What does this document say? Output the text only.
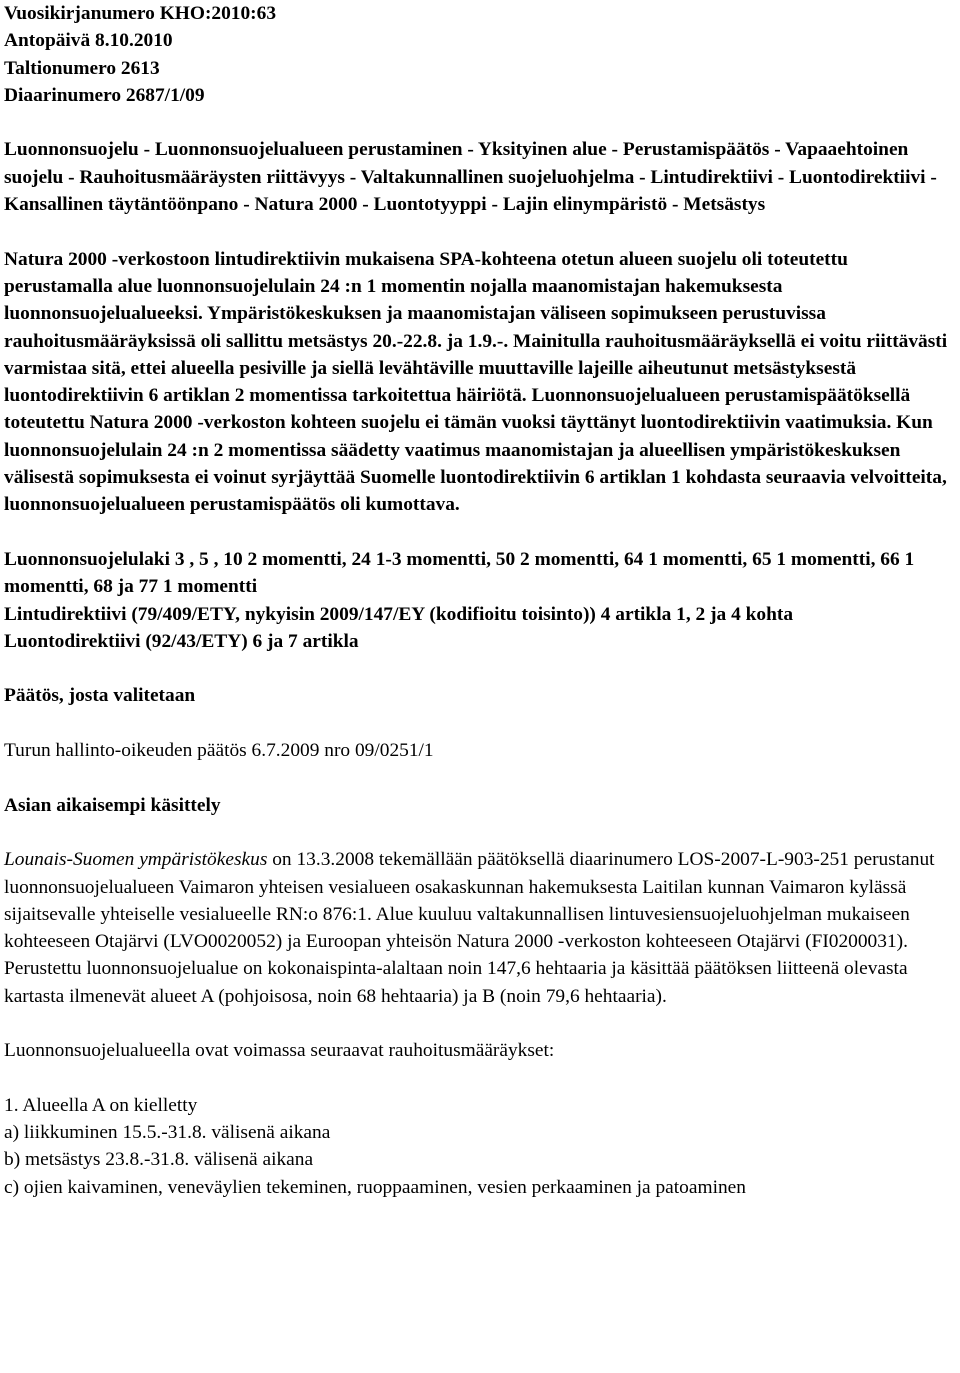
Vuosikirjanumero KHO:2010:63
Antopäivä 8.10.2010
Taltionumero 2613
Diaarinumero 2687/1/09

Luonnonsuojelu - Luonnonsuojelualueen perustaminen - Yksityinen alue - Perustamispäätös - Vapaaehtoinen suojelu - Rauhoitusmääräysten riittävyys - Valtakunnallinen suojeluohjelma - Lintudirektiivi - Luontodirektiivi - Kansallinen täytäntöönpano - Natura 2000 - Luontotyyppi - Lajin elinympäristö - Metsästys

Natura 2000 -verkostoon lintudirektiivin mukaisena SPA-kohteena otetun alueen suojelu oli toteutettu perustamalla alue luonnonsuojelulain 24 :n 1 momentin nojalla maanomistajan hakemuksesta luonnonsuojelualueeksi. Ympäristökeskuksen ja maanomistajan väliseen sopimukseen perustuvissa rauhoitusmääräyksissä oli sallittu metsästys 20.-22.8. ja 1.9.-. Mainitulla rauhoitusmääräyksellä ei voitu riittävästi varmistaa sitä, ettei alueella pesiville ja siellä levähtäville muuttaville lajeille aiheutunut metsästyksestä luontodirektiivin 6 artiklan 2 momentissa tarkoitettua häiriötä. Luonnonsuojelualueen perustamispäätöksellä toteutettu Natura 2000 -verkoston kohteen suojelu ei tämän vuoksi täyttänyt luontodirektiivin vaatimuksia. Kun luonnonsuojelulain 24 :n 2 momentissa säädetty vaatimus maanomistajan ja alueellisen ympäristökeskuksen välisestä sopimuksesta ei voinut syrjäyttää Suomelle luontodirektiivin 6 artiklan 1 kohdasta seuraavia velvoitteita, luonnonsuojelualueen perustamispäätös oli kumottava.

Luonnonsuojelulaki 3 , 5 , 10 2 momentti, 24 1-3 momentti, 50 2 momentti, 64 1 momentti, 65 1 momentti, 66 1 momentti, 68 ja 77 1 momentti
Lintudirektiivi (79/409/ETY, nykyisin 2009/147/EY (kodifioitu toisinto)) 4 artikla 1, 2 ja 4 kohta
Luontodirektiivi (92/43/ETY) 6 ja 7 artikla

Päätös, josta valitetaan

Turun hallinto-oikeuden päätös 6.7.2009 nro 09/0251/1

Asian aikaisempi käsittely

Lounais-Suomen ympäristökeskus on 13.3.2008 tekemällään päätöksellä diaarinumero LOS-2007-L-903-251 perustanut luonnonsuojelualueen Vaimaron yhteisen vesialueen osakaskunnan hakemuksesta Laitilan kunnan Vaimaron kylässä sijaitsevalle yhteiselle vesialueelle RN:o 876:1. Alue kuuluu valtakunnallisen lintuvesiensuojeluohjelman mukaiseen kohteeseen Otajärvi (LVO0020052) ja Euroopan yhteisön Natura 2000 -verkoston kohteeseen Otajärvi (FI0200031). Perustettu luonnonsuojelualue on kokonaispinta-alaltaan noin 147,6 hehtaaria ja käsittää päätöksen liitteenä olevasta kartasta ilmenevät alueet A (pohjoisosa, noin 68 hehtaaria) ja B (noin 79,6 hehtaaria).

Luonnonsuojelualueella ovat voimassa seuraavat rauhoitusmääräykset:

1. Alueella A on kielletty
a) liikkuminen 15.5.-31.8. välisenä aikana
b) metsästys 23.8.-31.8. välisenä aikana
c) ojien kaivaminen, veneväylien tekeminen, ruoppaaminen, vesien perkaaminen ja patoaminen
